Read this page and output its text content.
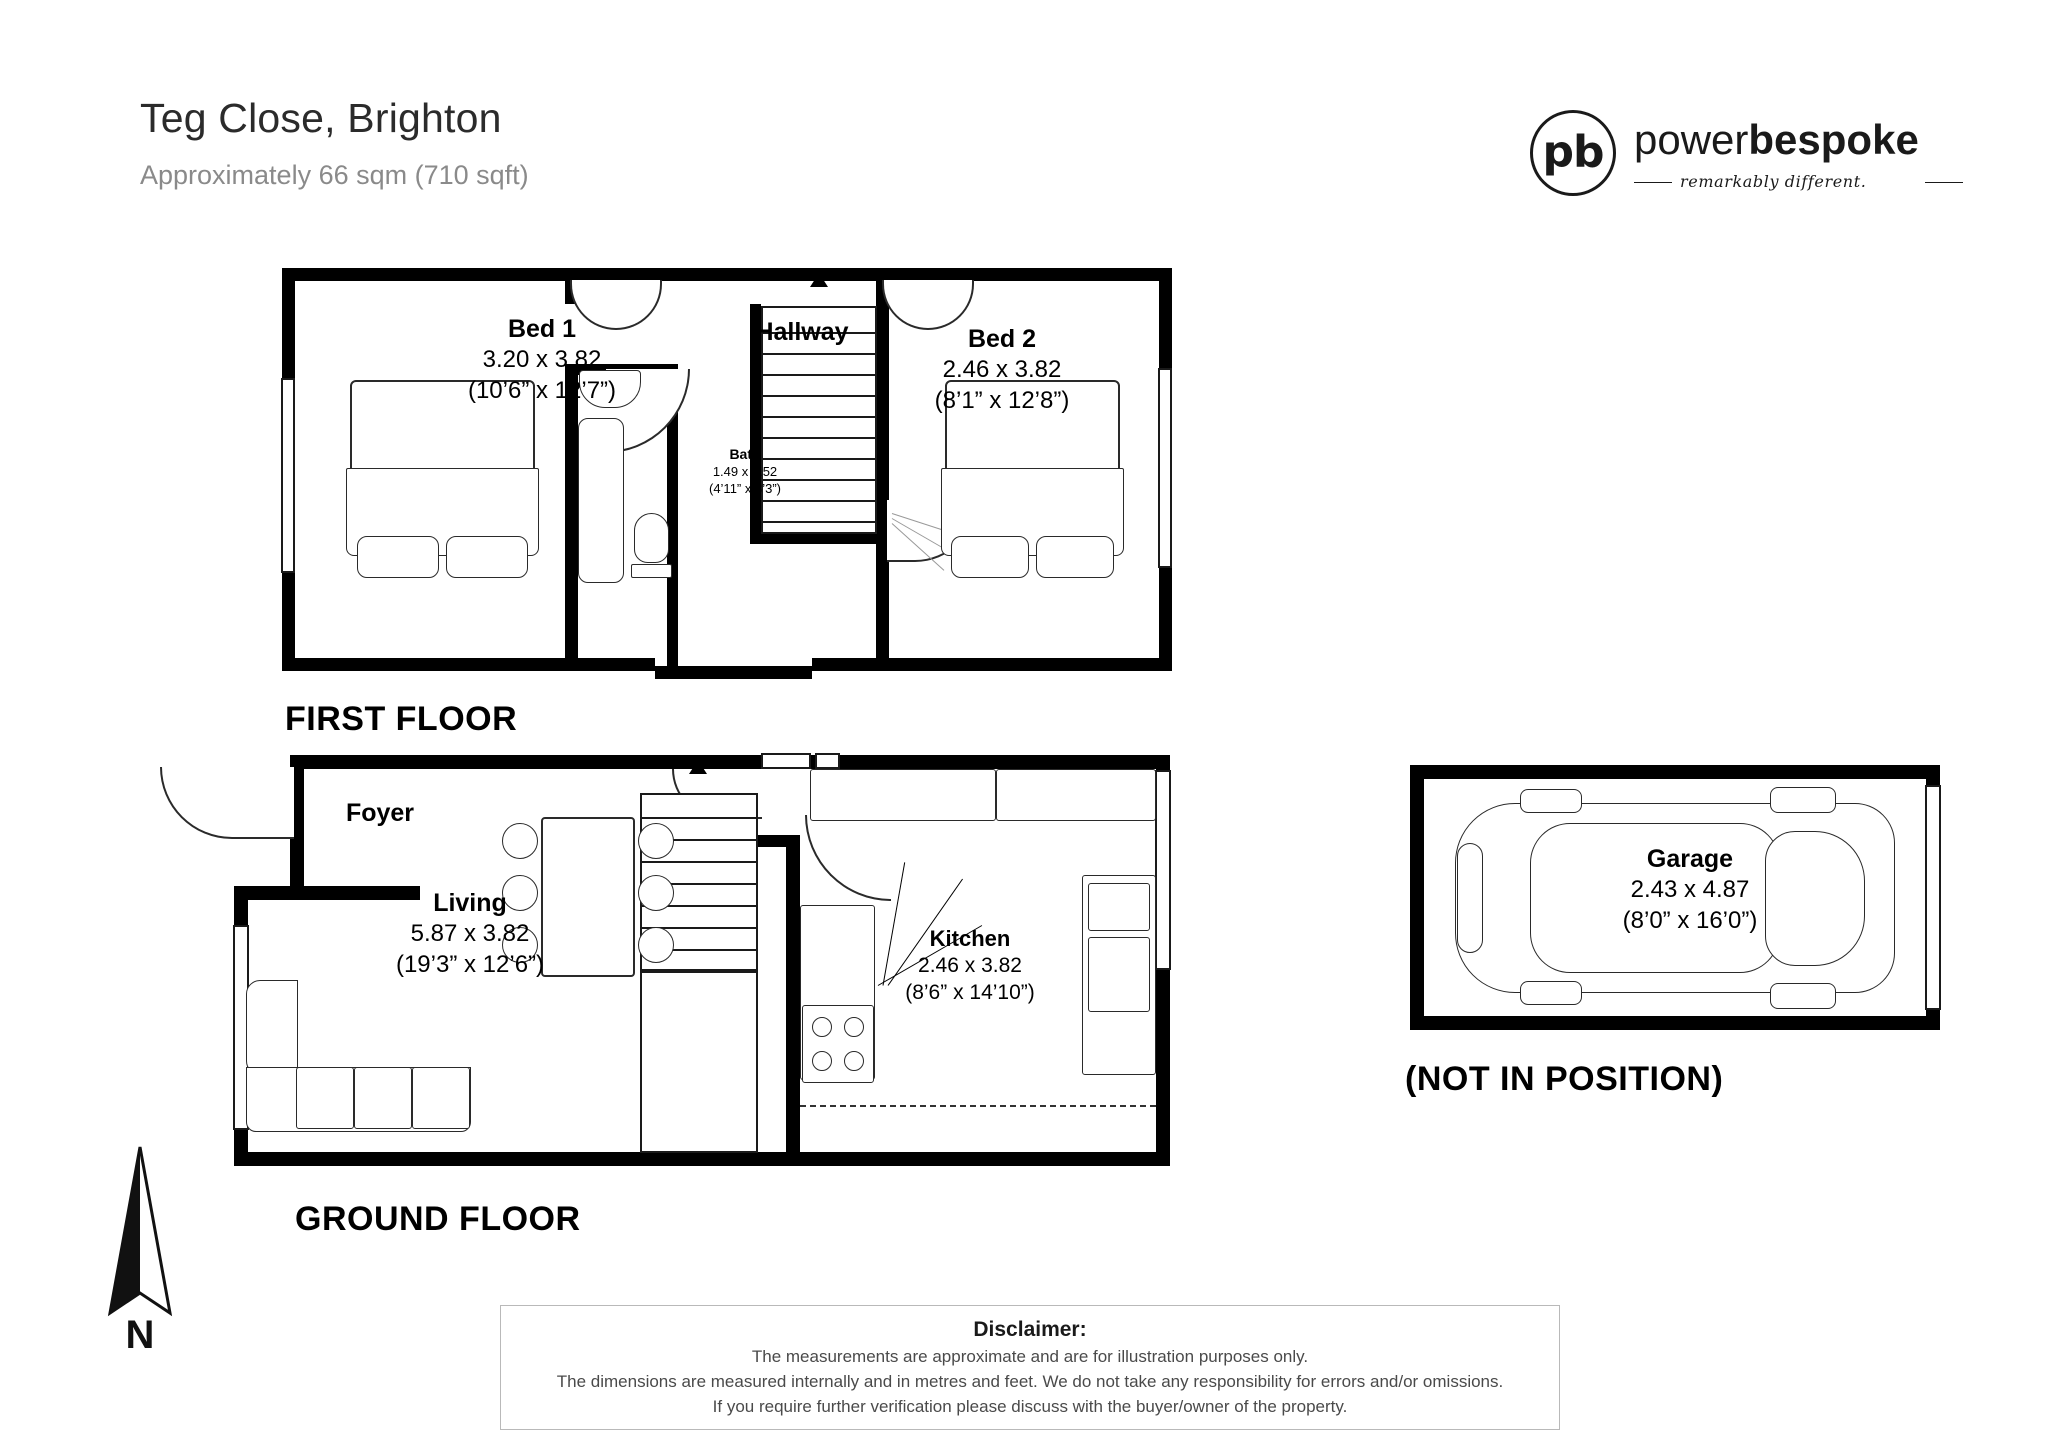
Teg Close, Brighton
Approximately 66 sqm (710 sqft)	pb powerbespoke
remarkably different.
Bed 1
3.20 x 3.82
(10’6” x 12’7”)
Hallway	Bed 2
2.46 x 3.82
(8’1” x 12’8”)
Bath
1.49 x 2.52
(4’11” x 8’3”)
FIRST FLOOR
Foyer
Living
5.87 x 3.82
(19’3” x 12’6”)
Kitchen
2.46 x 3.82
(8’6” x 14’10”)
GROUND FLOOR
Garage
2.43 x 4.87
(8’0” x 16’0”)
(NOT IN POSITION)
N	Disclaimer:
The measurements are approximate and are for illustration purposes only.
The dimensions are measured internally and in metres and feet. We do not take any responsibility for errors and/or omissions.
If you require further verification please discuss with the buyer/owner of the property.
